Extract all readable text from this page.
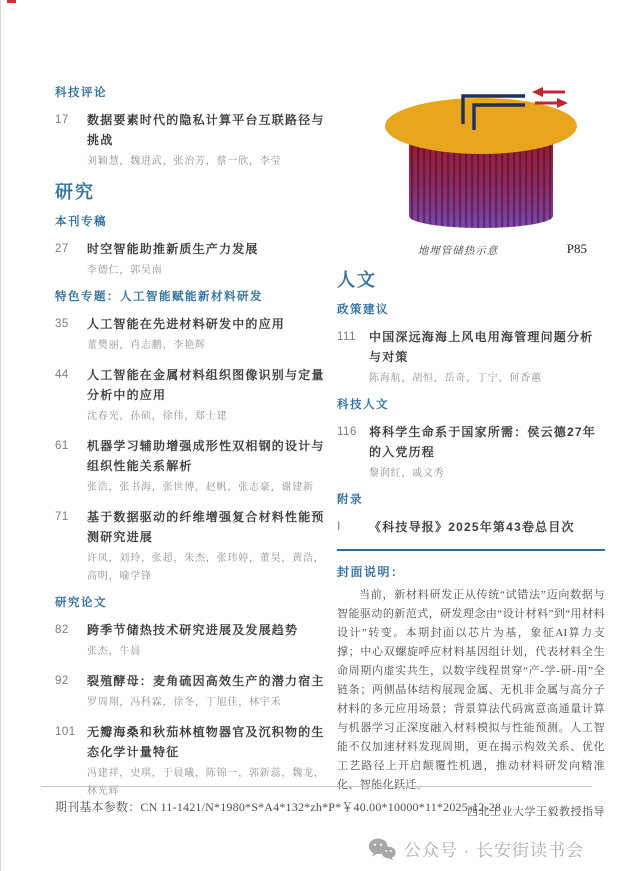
科技评论
17	数据要素时代的隐私计算平台互联路径与挑战
刘颖慧，魏进武，张治芳，蔡一欣，李莹
研究
本刊专稿
27	时空智能助推新质生产力发展
李德仁，郭吴南
特色专题：人工智能赋能新材料研发
35	人工智能在先进材料研发中的应用
董樊丽，肖志鹏，李艳辉
44	人工智能在金属材料组织图像识别与定量分析中的应用
沈春光，孙硕，徐伟，郑士建
61	机器学习辅助增强成形性双相钢的设计与组织性能关系解析
张浩，张书海，张世博，赵帆，张志豪，谢建新
71	基于数据驱动的纤维增强复合材料性能预测研究进展
许凤，刘玲，张超，朱杰，张玮婷，董昊，黄浩，高明，喻学锋
研究论文
82	跨季节储热技术研究进展及发展趋势
张杰，牛晨
92	裂殖酵母：麦角硫因高效生产的潜力宿主
罗周翔，冯科霖，徐冬，丁旭佳，林宇禾
101 无瓣海桑和秋茄林植物器官及沉积物的生态化学计量特征
冯建祥，史琪，于晨曦，陈锦一，郭新蕊，魏龙，林光辉
地埋管储热示意	P85
人文
政策建议
111	中国深远海海上风电用海管理问题分析与对策
陈海航，胡恒，岳奇，丁宁，何香蕙
科技人文
116	将科学生命系于国家所需：侯云德27年的入党历程
黎润红，戚文秀
附录
Ⅰ	《科技导报》2025年第43卷总目次
封面说明：

当前，新材料研发正从传统“试错法”迈向数据与智能驱动的新范式，研发理念由“设计材料”到“用材料设计”转变。本期封面以芯片为基，象征AI算力支撑；中心双螺旋呼应材料基因组计划，代表材料全生命周期内虚实共生，以数字线程贯穿“产-学-研-用”全链条；两侧晶体结构展现金属、无机非金属与高分子材料的多元应用场景；背景算法代码寓意高通量计算与机器学习正深度融入材料模拟与性能预测。人工智能不仅加速材料发现周期，更在揭示构效关系、优化工艺路径上开启颠覆性机遇，推动材料研发向精准化、智能化跃迁。

西北工业大学王毅教授指导
期刊基本参数：CN 11-1421/N*1980*S*A4*132*zh*P*￥40.00*10000*11*2025-12-28
公众号 · 长安街读书会
